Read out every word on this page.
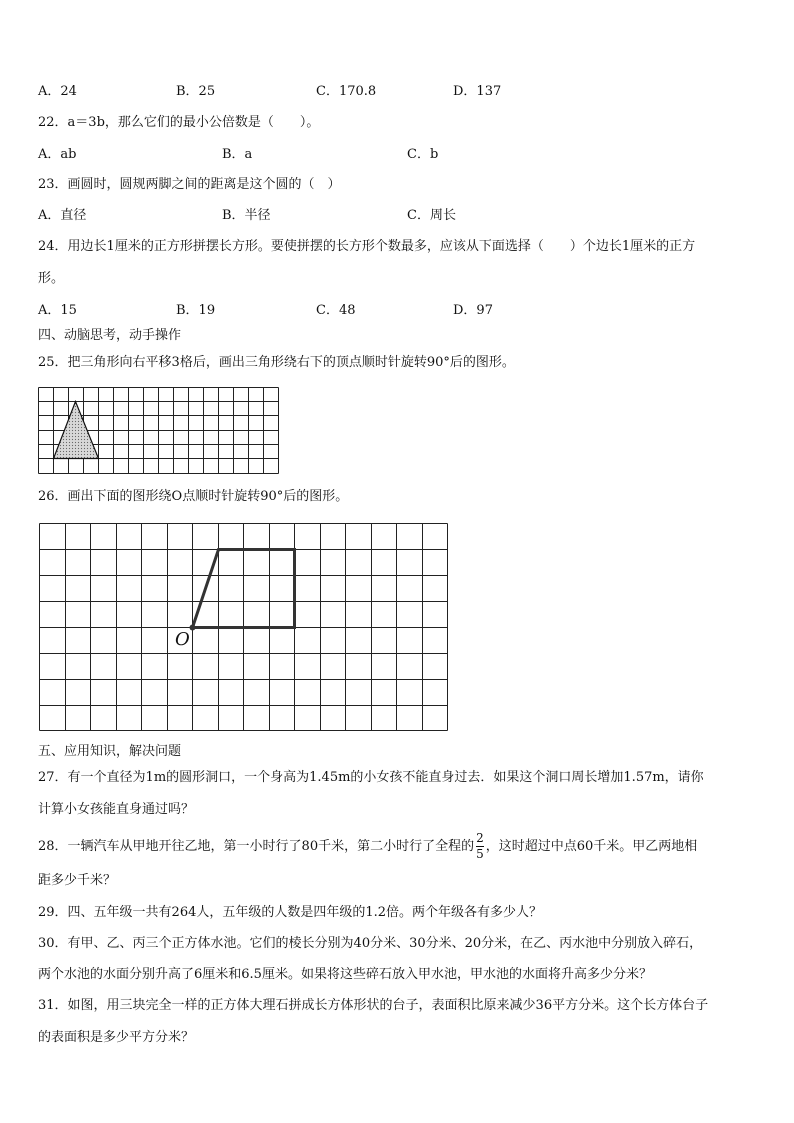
A．24	B．25	C．170.8	D．137
22．a＝3b，那么它们的最小公倍数是（　　）。
A．ab	B．a	C．b
23．画圆时，圆规两脚之间的距离是这个圆的（　）
A．直径	B．半径	C．周长
24．用边长1厘米的正方形拼摆长方形。要使拼摆的长方形个数最多，应该从下面选择（　　）个边长1厘米的正方
形。
A．15	B．19	C．48	D．97
四、动脑思考，动手操作
25．把三角形向右平移3格后，画出三角形绕右下的顶点顺时针旋转90°后的图形。
26．画出下面的图形绕O点顺时针旋转90°后的图形。
O
五、应用知识，解决问题
27．有一个直径为1m的圆形洞口，一个身高为1.45m的小女孩不能直身过去．如果这个洞口周长增加1.57m，请你
计算小女孩能直身通过吗？
28．一辆汽车从甲地开往乙地，第一小时行了80千米，第二小时行了全程的 $\frac{2}{5}$ ，这时超过中点60千米。甲乙两地相
距多少千米？
29．四、五年级一共有264人，五年级的人数是四年级的1.2倍。两个年级各有多少人？
30．有甲、乙、丙三个正方体水池。它们的棱长分别为40分米、30分米、20分米，在乙、丙水池中分别放入碎石，
两个水池的水面分别升高了6厘米和6.5厘米。如果将这些碎石放入甲水池，甲水池的水面将升高多少分米？
31．如图，用三块完全一样的正方体大理石拼成长方体形状的台子，表面积比原来减少36平方分米。这个长方体台子
的表面积是多少平方分米？
